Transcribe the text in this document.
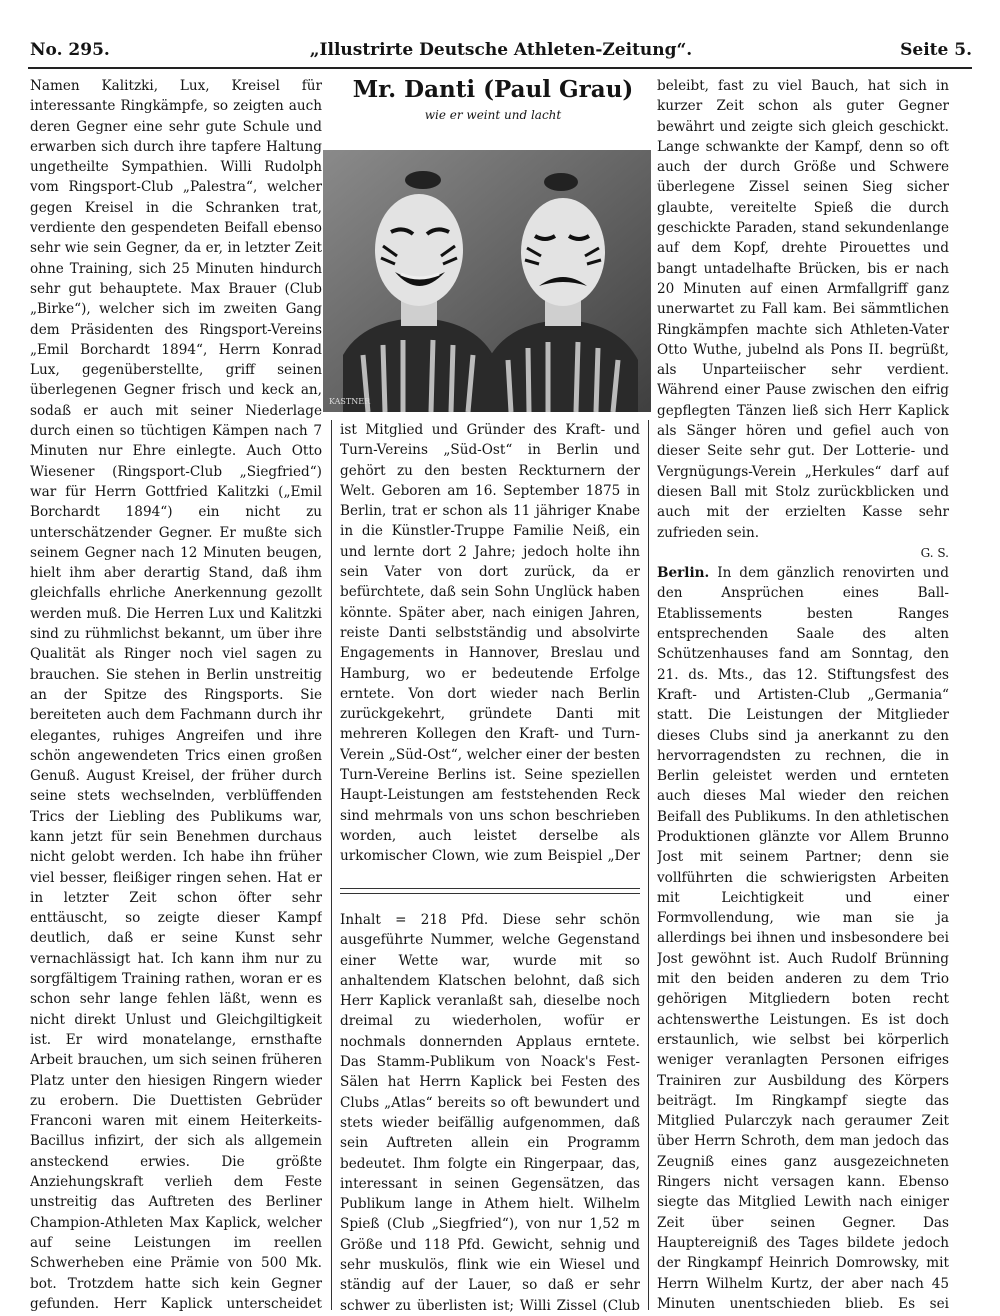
No. 295.	„Illustrirte Deutsche Athleten-Zeitung“.	Seite 5.

Namen Kalitzki, Lux, Kreisel für interessante Ringkämpfe, so zeigten auch deren Gegner eine sehr gute Schule und erwarben sich durch ihre tapfere Haltung ungetheilte Sympathien. Willi Rudolph vom Ringsport-Club „Palestra“, welcher gegen Kreisel in die Schranken trat, verdiente den gespendeten Beifall ebenso sehr wie sein Gegner, da er, in letzter Zeit ohne Training, sich 25 Minuten hindurch sehr gut behauptete. Max Brauer (Club „Birke“), welcher sich im zweiten Gang dem Präsidenten des Ringsport-Vereins „Emil Borchardt 1894“, Herrn Konrad Lux, gegenüberstellte, griff seinen überlegenen Gegner frisch und keck an, sodaß er auch mit seiner Niederlage durch einen so tüchtigen Kämpen nach 7 Minuten nur Ehre einlegte. Auch Otto Wiesener (Ringsport-Club „Siegfried“) war für Herrn Gottfried Kalitzki („Emil Borchardt 1894“) ein nicht zu unterschätzender Gegner. Er mußte sich seinem Gegner nach 12 Minuten beugen, hielt ihm aber derartig Stand, daß ihm gleichfalls ehrliche Anerkennung gezollt werden muß. Die Herren Lux und Kalitzki sind zu rühmlichst bekannt, um über ihre Qualität als Ringer noch viel sagen zu brauchen. Sie stehen in Berlin unstreitig an der Spitze des Ringsports. Sie bereiteten auch dem Fachmann durch ihr elegantes, ruhiges Angreifen und ihre schön angewendeten Trics einen großen Genuß. August Kreisel, der früher durch seine stets wechselnden, verblüffenden Trics der Liebling des Publikums war, kann jetzt für sein Benehmen durchaus nicht gelobt werden. Ich habe ihn früher viel besser, fleißiger ringen sehen. Hat er in letzter Zeit schon öfter sehr enttäuscht, so zeigte dieser Kampf deutlich, daß er seine Kunst sehr vernachlässigt hat. Ich kann ihm nur zu sorgfältigem Training rathen, woran er es schon sehr lange fehlen läßt, wenn es nicht direkt Unlust und Gleichgiltigkeit ist. Er wird monatelange, ernsthafte Arbeit brauchen, um sich seinen früheren Platz unter den hiesigen Ringern wieder zu erobern. Die Duettisten Gebrüder Franconi waren mit einem Heiterkeits-Bacillus infizirt, der sich als allgemein ansteckend erwies. Die größte Anziehungskraft verlieh dem Feste unstreitig das Auftreten des Berliner Champion-Athleten Max Kaplick, welcher auf seine Leistungen im reellen Schwerheben eine Prämie von 500 Mk. bot. Trotzdem hatte sich kein Gegner gefunden. Herr Kaplick unterscheidet

Mr. Danti (Paul Grau)
wie er weint und lacht
KASTNER

ist Mitglied und Gründer des Kraft- und Turn-Vereins „Süd-Ost“ in Berlin und gehört zu den besten Reckturnern der Welt. Geboren am 16. September 1875 in Berlin, trat er schon als 11 jähriger Knabe in die Künstler-Truppe Familie Neiß, ein und lernte dort 2 Jahre; jedoch holte ihn sein Vater von dort zurück, da er befürchtete, daß sein Sohn Unglück haben könnte. Später aber, nach einigen Jahren, reiste Danti selbstständig und absolvirte Engagements in Hannover, Breslau und Hamburg, wo er bedeutende Erfolge erntete. Von dort wieder nach Berlin zurückgekehrt, gründete Danti mit mehreren Kollegen den Kraft- und Turn-Verein „Süd-Ost“, welcher einer der besten Turn-Vereine Berlins ist. Seine speziellen Haupt-Leistungen am feststehenden Reck sind mehrmals von uns schon beschrieben worden, auch leistet derselbe als urkomischer Clown, wie zum Beispiel „Der

Inhalt = 218 Pfd. Diese sehr schön ausgeführte Nummer, welche Gegenstand einer Wette war, wurde mit so anhaltendem Klatschen belohnt, daß sich Herr Kaplick veranlaßt sah, dieselbe noch dreimal zu wiederholen, wofür er nochmals donnernden Applaus erntete. Das Stamm-Publikum von Noack's Fest-Sälen hat Herrn Kaplick bei Festen des Clubs „Atlas“ bereits so oft bewundert und stets wieder beifällig aufgenommen, daß sein Auftreten allein ein Programm bedeutet. Ihm folgte ein Ringerpaar, das, interessant in seinen Gegensätzen, das Publikum lange in Athem hielt. Wilhelm Spieß (Club „Siegfried“), von nur 1,52 m Größe und 118 Pfd. Gewicht, sehnig und sehr muskulös, flink wie ein Wiesel und ständig auf der Lauer, so daß er sehr schwer zu überlisten ist; Willi Zissel (Club

beleibt, fast zu viel Bauch, hat sich in kurzer Zeit schon als guter Gegner bewährt und zeigte sich gleich geschickt. Lange schwankte der Kampf, denn so oft auch der durch Größe und Schwere überlegene Zissel seinen Sieg sicher glaubte, vereitelte Spieß die durch geschickte Paraden, stand sekundenlange auf dem Kopf, drehte Pirouettes und bangt untadelhafte Brücken, bis er nach 20 Minuten auf einen Armfallgriff ganz unerwartet zu Fall kam. Bei sämmtlichen Ringkämpfen machte sich Athleten-Vater Otto Wuthe, jubelnd als Pons II. begrüßt, als Unparteiischer sehr verdient. Während einer Pause zwischen den eifrig gepflegten Tänzen ließ sich Herr Kaplick als Sänger hören und gefiel auch von dieser Seite sehr gut. Der Lotterie- und Vergnügungs-Verein „Herkules“ darf auf diesen Ball mit Stolz zurückblicken und auch mit der erzielten Kasse sehr zufrieden sein.

G. S.

Berlin. In dem gänzlich renovirten und den Ansprüchen eines Ball-Etablissements besten Ranges entsprechenden Saale des alten Schützenhauses fand am Sonntag, den 21. ds. Mts., das 12. Stiftungsfest des Kraft- und Artisten-Club „Germania“ statt. Die Leistungen der Mitglieder dieses Clubs sind ja anerkannt zu den hervorragendsten zu rechnen, die in Berlin geleistet werden und ernteten auch dieses Mal wieder den reichen Beifall des Publikums. In den athletischen Produktionen glänzte vor Allem Brunno Jost mit seinem Partner; denn sie vollführten die schwierigsten Arbeiten mit Leichtigkeit und einer Formvollendung, wie man sie ja allerdings bei ihnen und insbesondere bei Jost gewöhnt ist. Auch Rudolf Brünning mit den beiden anderen zu dem Trio gehörigen Mitgliedern boten recht achtenswerthe Leistungen. Es ist doch erstaunlich, wie selbst bei körperlich weniger veranlagten Personen eifriges Trainiren zur Ausbildung des Körpers beiträgt. Im Ringkampf siegte das Mitglied Pularczyk nach geraumer Zeit über Herrn Schroth, dem man jedoch das Zeugniß eines ganz ausgezeichneten Ringers nicht versagen kann. Ebenso siegte das Mitglied Lewith nach einiger Zeit über seinen Gegner. Das Hauptereigniß des Tages bildete jedoch der Ringkampf Heinrich Domrowsky, mit Herrn Wilhelm Kurtz, der aber nach 45 Minuten unentschieden blieb. Es sei
